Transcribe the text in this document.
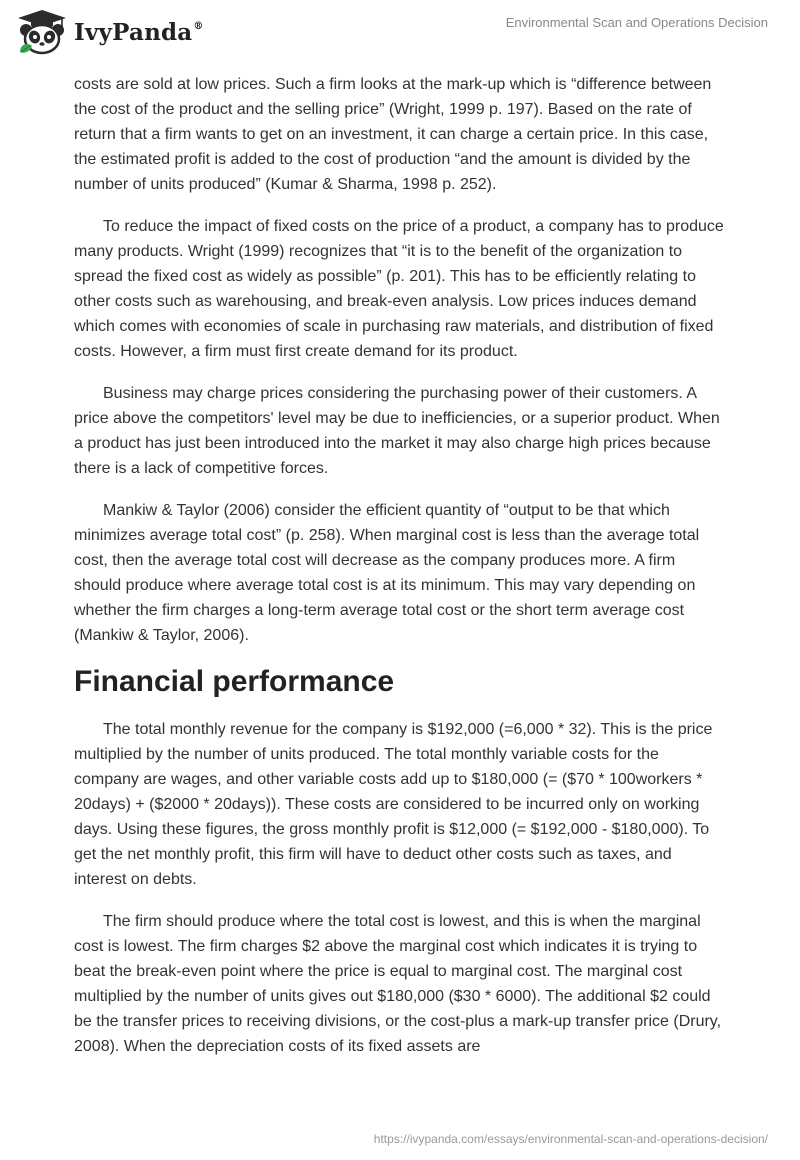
IvyPanda®	Environmental Scan and Operations Decision

costs are sold at low prices. Such a firm looks at the mark-up which is “difference between the cost of the product and the selling price” (Wright, 1999 p. 197). Based on the rate of return that a firm wants to get on an investment, it can charge a certain price. In this case, the estimated profit is added to the cost of production “and the amount is divided by the number of units produced” (Kumar & Sharma, 1998 p. 252).

To reduce the impact of fixed costs on the price of a product, a company has to produce many products. Wright (1999) recognizes that “it is to the benefit of the organization to spread the fixed cost as widely as possible” (p. 201). This has to be efficiently relating to other costs such as warehousing, and break-even analysis. Low prices induces demand which comes with economies of scale in purchasing raw materials, and distribution of fixed costs. However, a firm must first create demand for its product.

Business may charge prices considering the purchasing power of their customers. A price above the competitors' level may be due to inefficiencies, or a superior product. When a product has just been introduced into the market it may also charge high prices because there is a lack of competitive forces.

Mankiw & Taylor (2006) consider the efficient quantity of “output to be that which minimizes average total cost” (p. 258). When marginal cost is less than the average total cost, then the average total cost will decrease as the company produces more. A firm should produce where average total cost is at its minimum. This may vary depending on whether the firm charges a long-term average total cost or the short term average cost (Mankiw & Taylor, 2006).

Financial performance

The total monthly revenue for the company is $192,000 (=6,000 * 32). This is the price multiplied by the number of units produced. The total monthly variable costs for the company are wages, and other variable costs add up to $180,000 (= ($70 * 100workers * 20days) + ($2000 * 20days)). These costs are considered to be incurred only on working days. Using these figures, the gross monthly profit is $12,000 (= $192,000 - $180,000). To get the net monthly profit, this firm will have to deduct other costs such as taxes, and interest on debts.

The firm should produce where the total cost is lowest, and this is when the marginal cost is lowest. The firm charges $2 above the marginal cost which indicates it is trying to beat the break-even point where the price is equal to marginal cost. The marginal cost multiplied by the number of units gives out $180,000 ($30 * 6000). The additional $2 could be the transfer prices to receiving divisions, or the cost-plus a mark-up transfer price (Drury, 2008). When the depreciation costs of its fixed assets are

https://ivypanda.com/essays/environmental-scan-and-operations-decision/
